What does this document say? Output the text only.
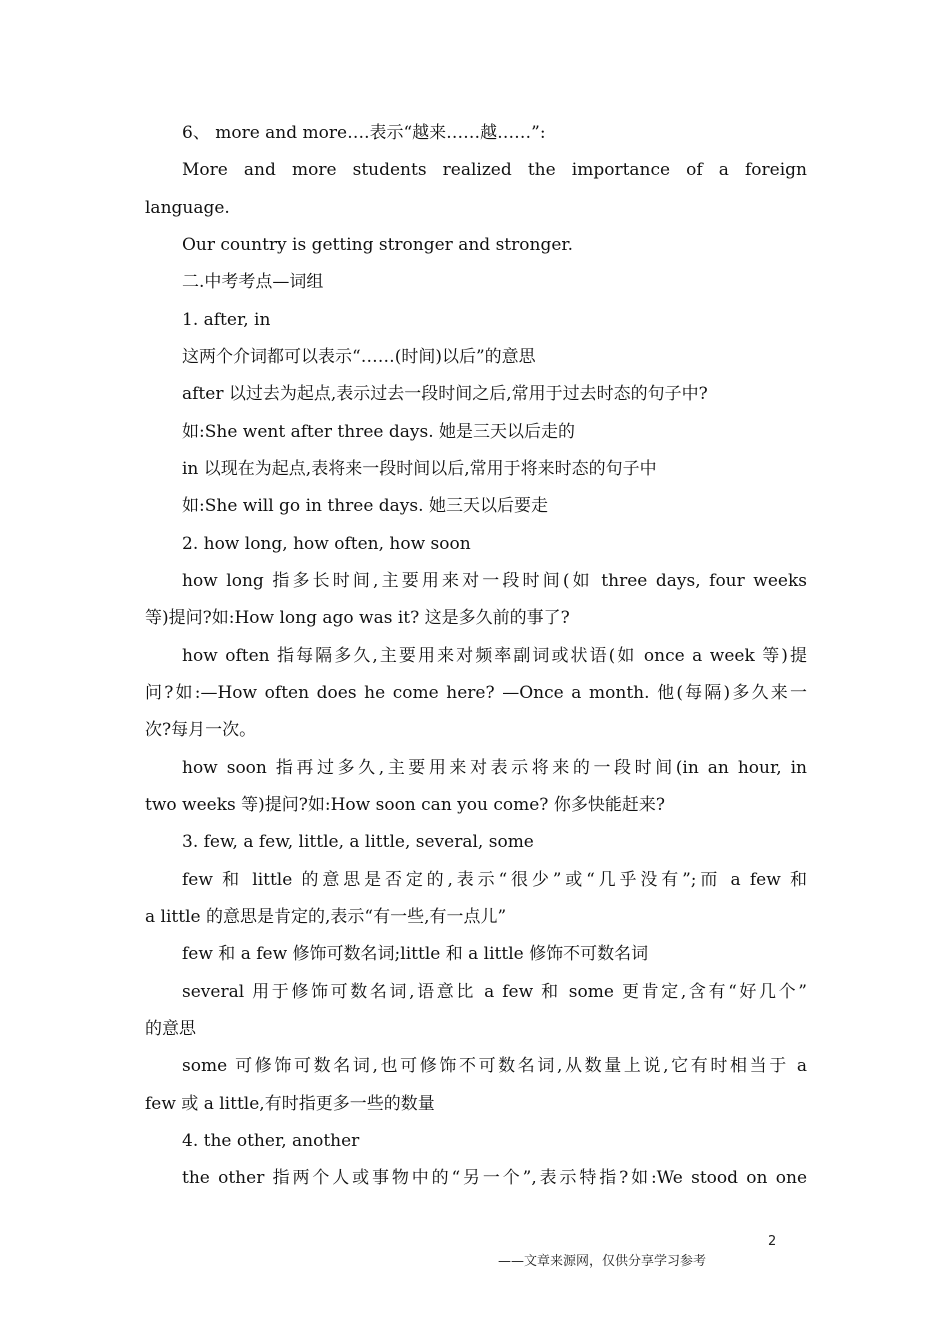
6、 more and more….表示“越来……越……”:
More and more students realized the importance of a foreign
language.
Our country is getting stronger and stronger.
二.中考考点—词组
1. after, in
这两个介词都可以表示“……(时间)以后”的意思
after 以过去为起点,表示过去一段时间之后,常用于过去时态的句子中?
如:She went after three days. 她是三天以后走的
in 以现在为起点,表将来一段时间以后,常用于将来时态的句子中
如:She will go in three days. 她三天以后要走
2. how long, how often, how soon
how long 指多长时间,主要用来对一段时间(如 three days, four weeks
等)提问?如:How long ago was it? 这是多久前的事了?
how often 指每隔多久,主要用来对频率副词或状语(如 once a week 等)提
问?如:—How often does he come here? —Once a month. 他(每隔)多久来一
次?每月一次。
how soon 指再过多久,主要用来对表示将来的一段时间(in an hour, in
two weeks 等)提问?如:How soon can you come? 你多快能赶来?
3. few, a few, little, a little, several, some
few 和 little 的意思是否定的,表示“很少”或“几乎没有”;而 a few 和
a little 的意思是肯定的,表示“有一些,有一点儿”
few 和 a few 修饰可数名词;little 和 a little 修饰不可数名词
several 用于修饰可数名词,语意比 a few 和 some 更肯定,含有“好几个”
的意思
some 可修饰可数名词,也可修饰不可数名词,从数量上说,它有时相当于 a
few 或 a little,有时指更多一些的数量
4. the other, another
the other 指两个人或事物中的“另一个”,表示特指?如:We stood on one
2
——文章来源网，仅供分享学习参考
